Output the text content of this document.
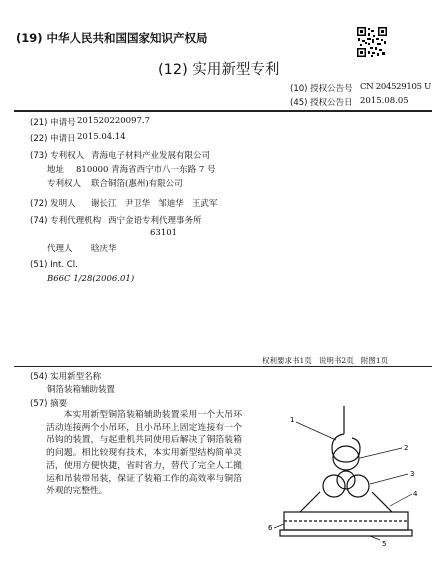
(19) 中华人民共和国国家知识产权局
(12) 实用新型专利
(10) 授权公告号 CN 204529105 U
(45) 授权公告日 2015.08.05
(21) 申请号 201520220097.7
(22) 申请日 2015.04.14
(73) 专利权人 青海电子材料产业发展有限公司
地址 810000 青海省西宁市八一东路 7 号
专利权人 联合铜箔(惠州)有限公司
(72) 发明人 谢长江   尹卫华   邹迪华   王武军
(74) 专利代理机构 西宁金语专利代理事务所
63101
代理人 晗庆华
(51) Int. Cl.
B66C 1/28(2006.01)
权利要求书1页   说明书2页   附图1页
(54) 实用新型名称
铜箔装箱辅助装置
(57) 摘要
本实用新型铜箔装箱辅助装置采用一个大吊环活动连接两个小吊环，且小吊环上固定连接有一个吊钩的装置，与起重机共同使用后解决了铜箔装箱的问题。相比较现有技术，本实用新型结构简单灵活，使用方便快捷，省时省力，替代了完全人工搬运和吊装带吊装，保证了装箱工作的高效率与铜箔外观的完整性。
1
2
3
4
5
6
